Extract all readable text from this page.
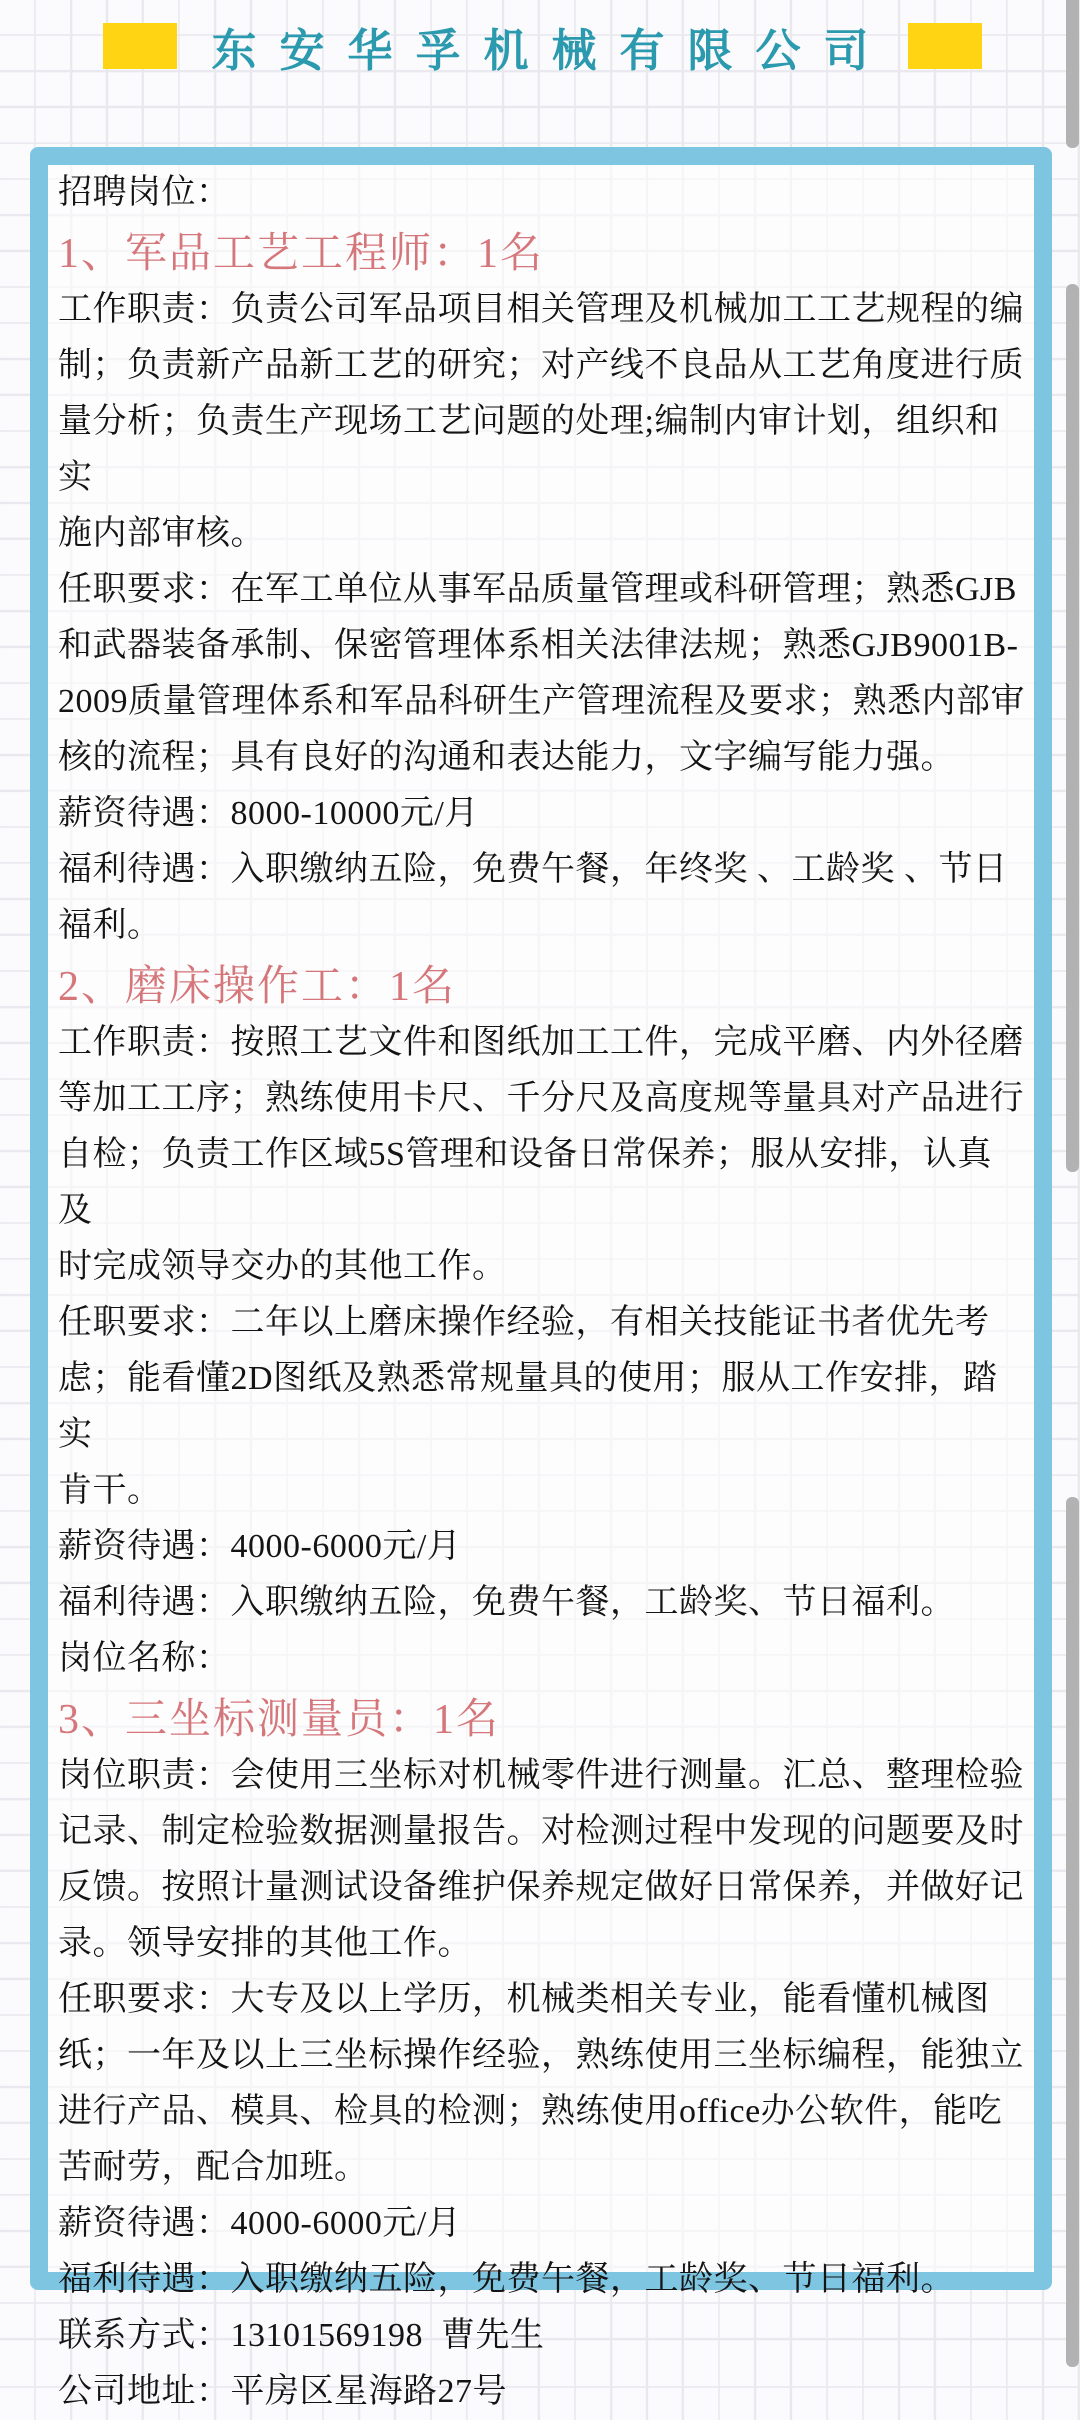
东安华孚机械有限公司
招聘岗位：
1、军品工艺工程师：1名
工作职责：负责公司军品项目相关管理及机械加工工艺规程的编
制；负责新产品新工艺的研究；对产线不良品从工艺角度进行质
量分析；负责生产现场工艺问题的处理;编制内审计划，组织和实
施内部审核。
任职要求：在军工单位从事军品质量管理或科研管理；熟悉GJB
和武器装备承制、保密管理体系相关法律法规；熟悉GJB9001B-
2009质量管理体系和军品科研生产管理流程及要求；熟悉内部审
核的流程；具有良好的沟通和表达能力，文字编写能力强。
薪资待遇：8000-10000元/月
福利待遇：入职缴纳五险，免费午餐，年终奖 、工龄奖 、节日
福利。
2、磨床操作工：1名
工作职责：按照工艺文件和图纸加工工件，完成平磨、内外径磨
等加工工序；熟练使用卡尺、千分尺及高度规等量具对产品进行
自检；负责工作区域5S管理和设备日常保养；服从安排，认真及
时完成领导交办的其他工作。
任职要求：二年以上磨床操作经验，有相关技能证书者优先考
虑；能看懂2D图纸及熟悉常规量具的使用；服从工作安排，踏实
肯干。
薪资待遇：4000-6000元/月
福利待遇：入职缴纳五险，免费午餐，工龄奖、节日福利。
岗位名称：
3、三坐标测量员：1名
岗位职责：会使用三坐标对机械零件进行测量。汇总、整理检验
记录、制定检验数据测量报告。对检测过程中发现的问题要及时
反馈。按照计量测试设备维护保养规定做好日常保养，并做好记
录。领导安排的其他工作。
任职要求：大专及以上学历，机械类相关专业，能看懂机械图
纸；一年及以上三坐标操作经验，熟练使用三坐标编程，能独立
进行产品、模具、检具的检测；熟练使用office办公软件，能吃
苦耐劳，配合加班。
薪资待遇：4000-6000元/月
福利待遇：入职缴纳五险，免费午餐，工龄奖、节日福利。
联系方式：13101569198  曹先生
公司地址：平房区星海路27号
